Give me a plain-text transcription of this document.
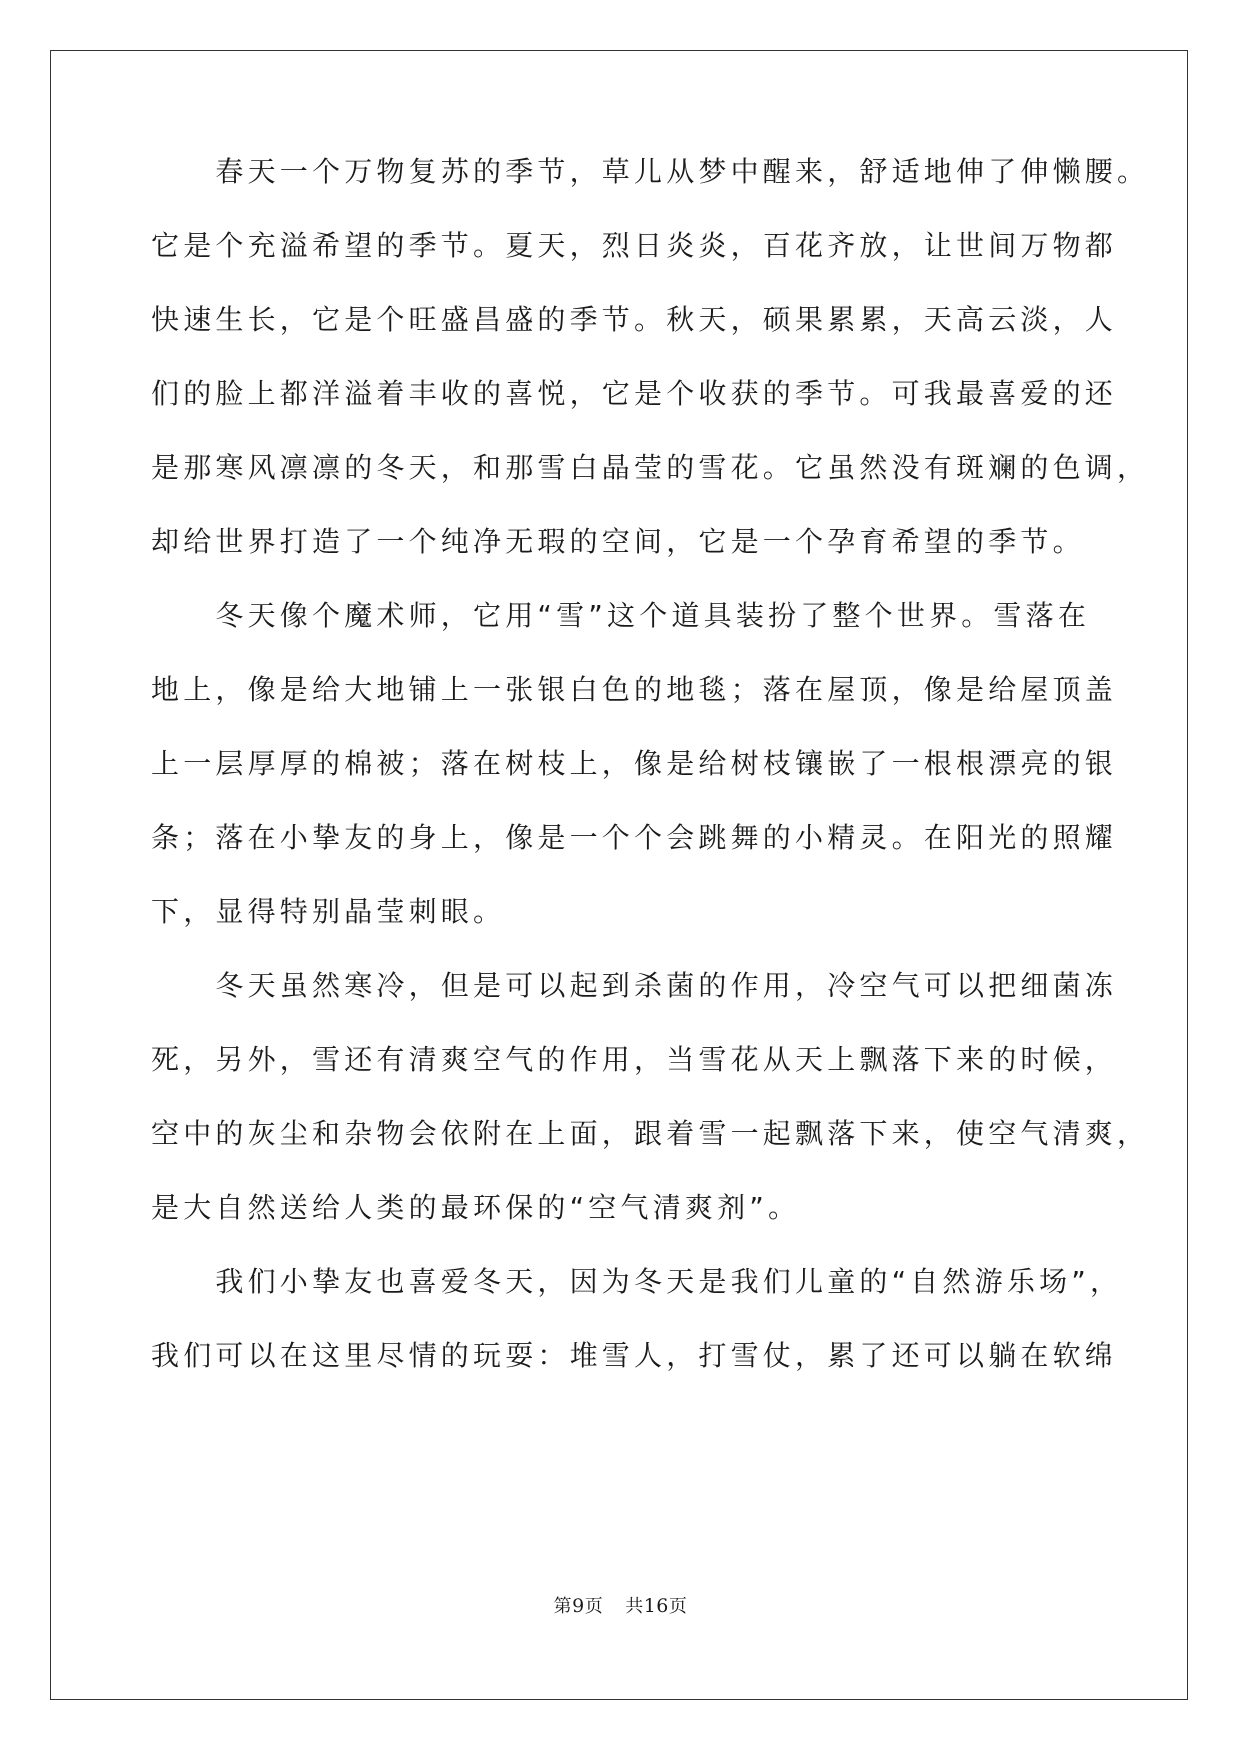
　　春天一个万物复苏的季节，草儿从梦中醒来，舒适地伸了伸懒腰。

它是个充溢希望的季节。夏天，烈日炎炎，百花齐放，让世间万物都

快速生长，它是个旺盛昌盛的季节。秋天，硕果累累，天高云淡，人

们的脸上都洋溢着丰收的喜悦，它是个收获的季节。可我最喜爱的还

是那寒风凛凛的冬天，和那雪白晶莹的雪花。它虽然没有斑斓的色调，

却给世界打造了一个纯净无瑕的空间，它是一个孕育希望的季节。

　　冬天像个魔术师，它用“雪”这个道具装扮了整个世界。雪落在

地上，像是给大地铺上一张银白色的地毯；落在屋顶，像是给屋顶盖

上一层厚厚的棉被；落在树枝上，像是给树枝镶嵌了一根根漂亮的银

条；落在小挚友的身上，像是一个个会跳舞的小精灵。在阳光的照耀

下，显得特别晶莹刺眼。

　　冬天虽然寒冷，但是可以起到杀菌的作用，冷空气可以把细菌冻

死，另外，雪还有清爽空气的作用，当雪花从天上飘落下来的时候，

空中的灰尘和杂物会依附在上面，跟着雪一起飘落下来，使空气清爽，

是大自然送给人类的最环保的“空气清爽剂”。

　　我们小挚友也喜爱冬天，因为冬天是我们儿童的“自然游乐场”，

我们可以在这里尽情的玩耍：堆雪人，打雪仗，累了还可以躺在软绵

第9页 共16页
